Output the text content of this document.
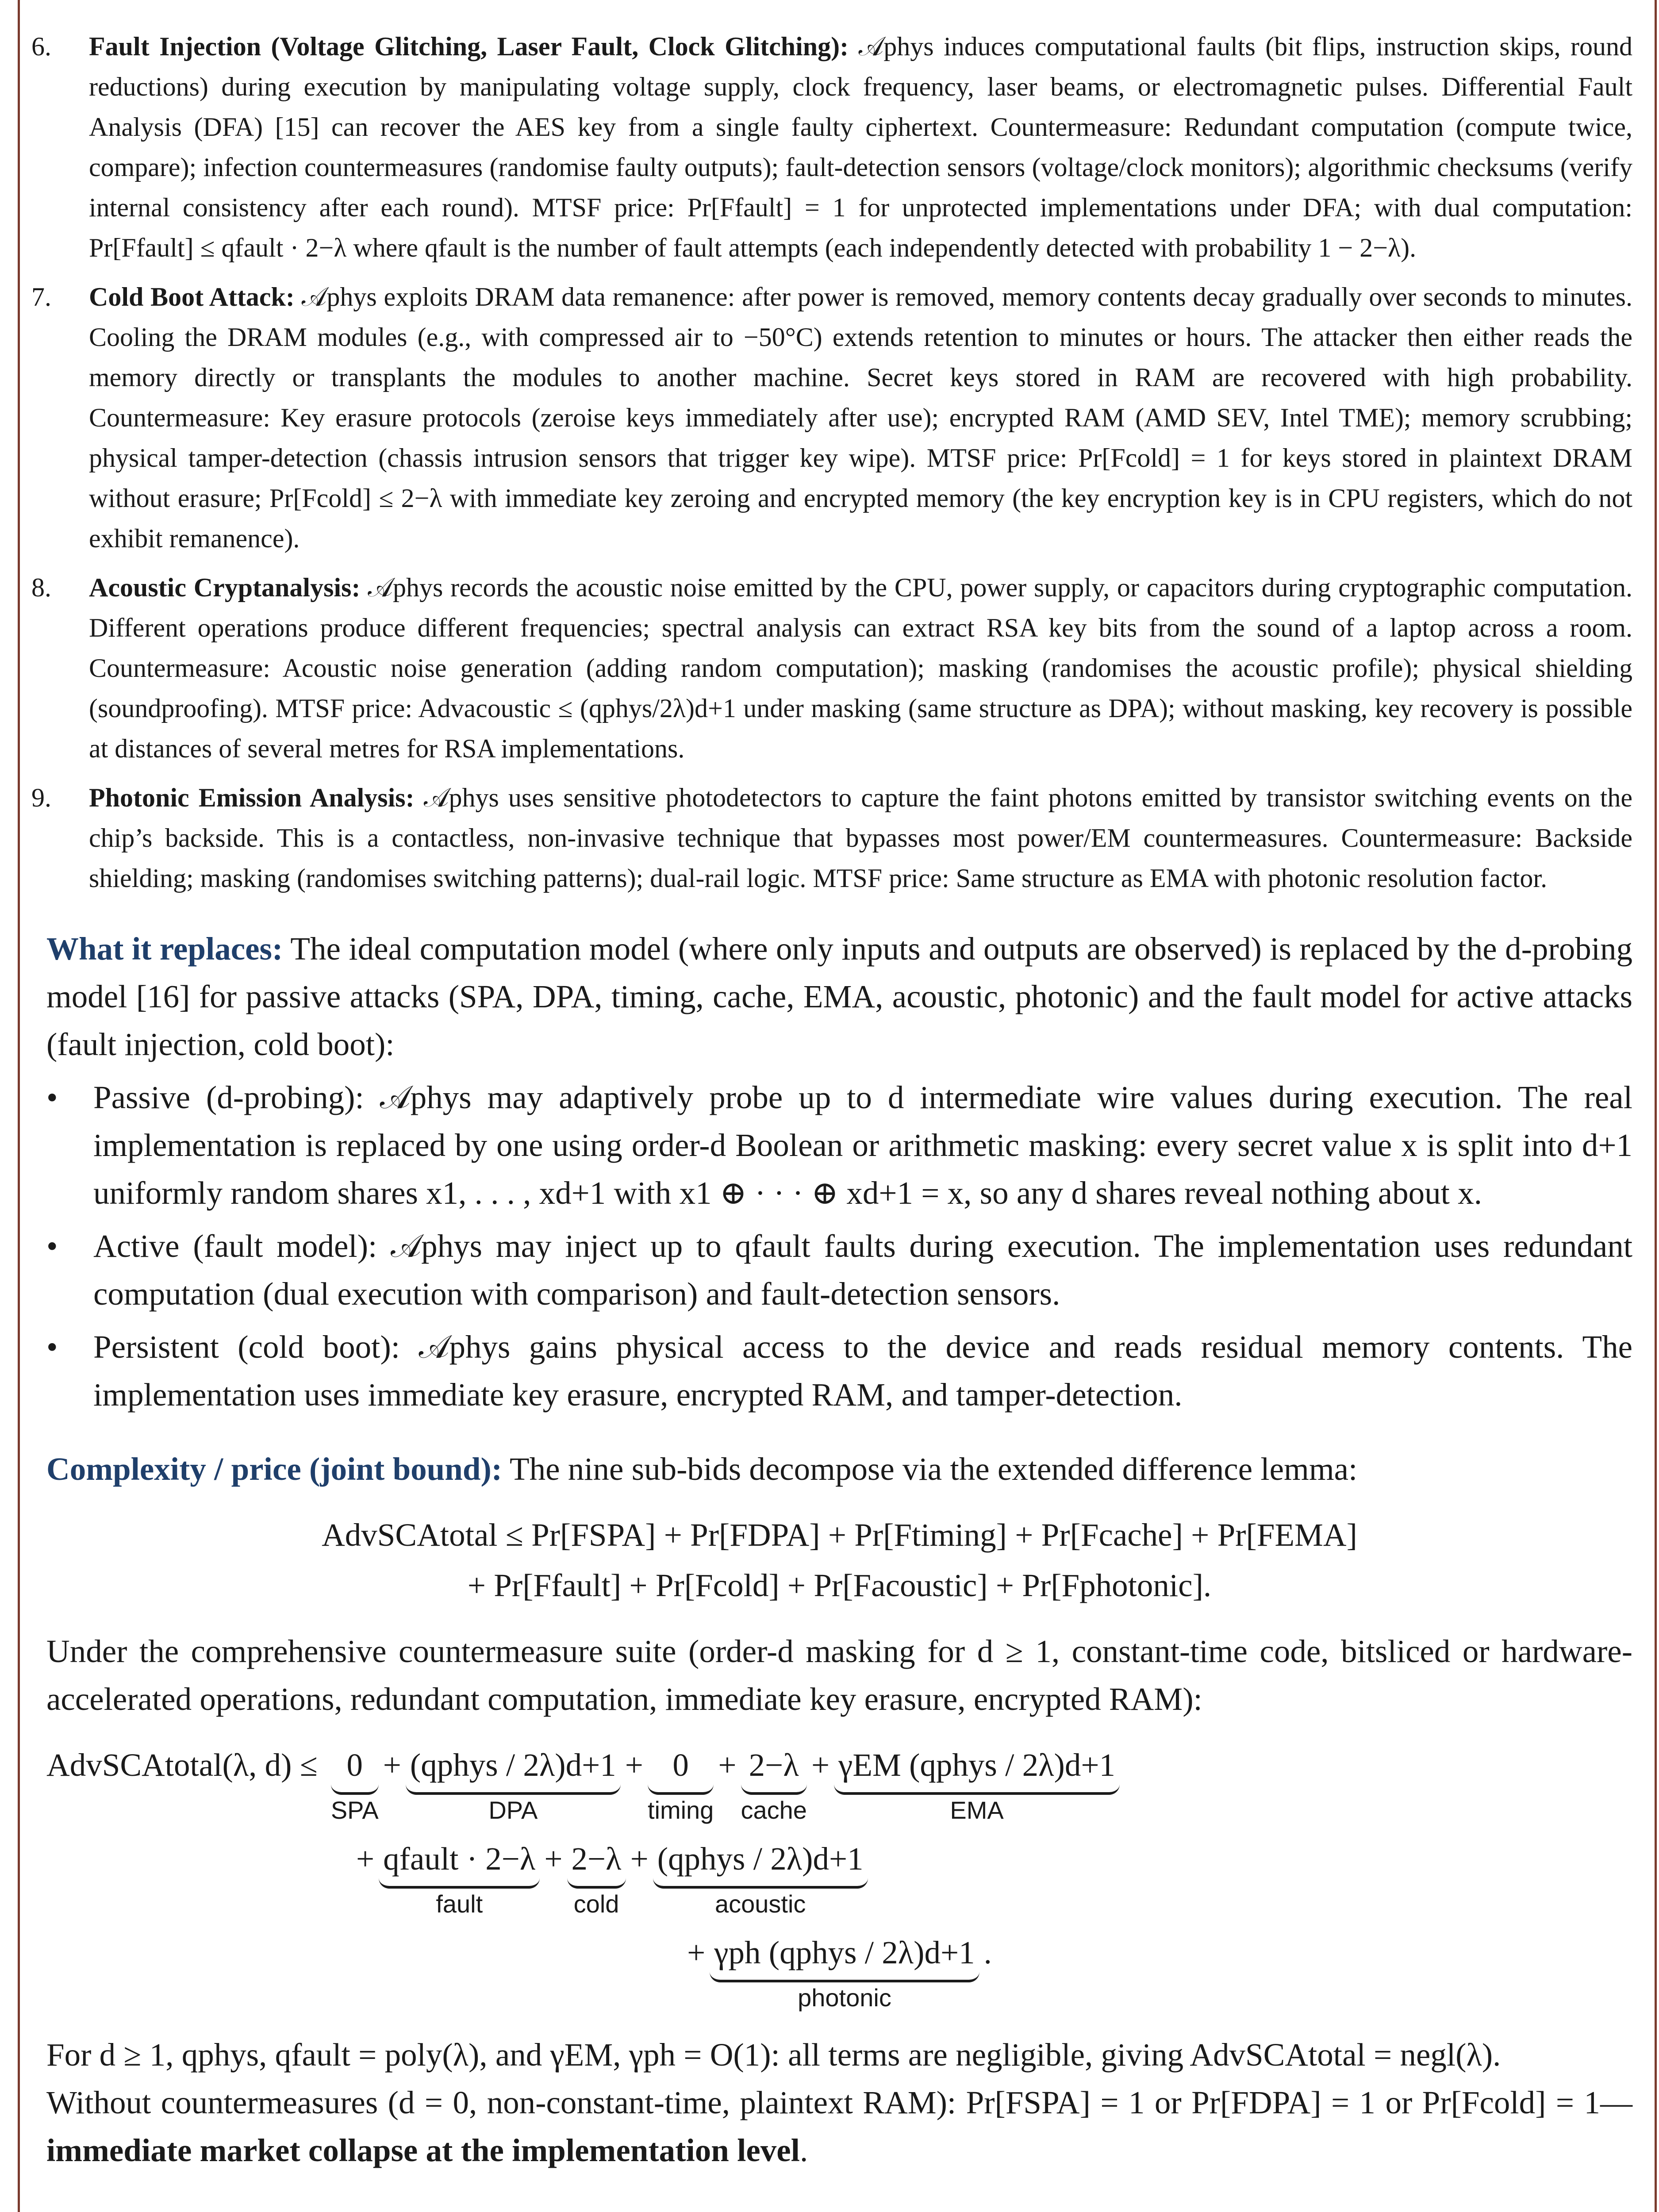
6.	Fault Injection (Voltage Glitching, Laser Fault, Clock Glitching): 𝒜phys induces computational faults (bit flips, instruction skips, round reductions) during execution by manipulating voltage supply, clock frequency, laser beams, or electromagnetic pulses. Differential Fault Analysis (DFA) [15] can recover the AES key from a single faulty ciphertext. Countermeasure: Redundant computation (compute twice, compare); infection countermeasures (randomise faulty outputs); fault-detection sensors (voltage/clock monitors); algorithmic checksums (verify internal consistency after each round). MTSF price: Pr[Ffault] = 1 for unprotected implementations under DFA; with dual computation: Pr[Ffault] ≤ qfault · 2−λ where qfault is the number of fault attempts (each independently detected with probability 1 − 2−λ).
7.	Cold Boot Attack: 𝒜phys exploits DRAM data remanence: after power is removed, memory contents decay gradually over seconds to minutes. Cooling the DRAM modules (e.g., with compressed air to −50°C) extends retention to minutes or hours. The attacker then either reads the memory directly or transplants the modules to another machine. Secret keys stored in RAM are recovered with high probability. Countermeasure: Key erasure protocols (zeroise keys immediately after use); encrypted RAM (AMD SEV, Intel TME); memory scrubbing; physical tamper-detection (chassis intrusion sensors that trigger key wipe). MTSF price: Pr[Fcold] = 1 for keys stored in plaintext DRAM without erasure; Pr[Fcold] ≤ 2−λ with immediate key zeroing and encrypted memory (the key encryption key is in CPU registers, which do not exhibit remanence).
8.	Acoustic Cryptanalysis: 𝒜phys records the acoustic noise emitted by the CPU, power supply, or capacitors during cryptographic computation. Different operations produce different frequencies; spectral analysis can extract RSA key bits from the sound of a laptop across a room. Countermeasure: Acoustic noise generation (adding random computation); masking (randomises the acoustic profile); physical shielding (soundproofing). MTSF price: Advacoustic ≤ (qphys/2λ)d+1 under masking (same structure as DPA); without masking, key recovery is possible at distances of several metres for RSA implementations.
9.	Photonic Emission Analysis: 𝒜phys uses sensitive photodetectors to capture the faint photons emitted by transistor switching events on the chip’s backside. This is a contactless, non-invasive technique that bypasses most power/EM countermeasures. Countermeasure: Backside shielding; masking (randomises switching patterns); dual-rail logic. MTSF price: Same structure as EMA with photonic resolution factor.
What it replaces: The ideal computation model (where only inputs and outputs are observed) is replaced by the d-probing model [16] for passive attacks (SPA, DPA, timing, cache, EMA, acoustic, photonic) and the fault model for active attacks (fault injection, cold boot):
• Passive (d-probing): 𝒜phys may adaptively probe up to d intermediate wire values during execution. The real implementation is replaced by one using order-d Boolean or arithmetic masking: every secret value x is split into d+1 uniformly random shares x1, . . . , xd+1 with x1 ⊕ · · · ⊕ xd+1 = x, so any d shares reveal nothing about x.
• Active (fault model): 𝒜phys may inject up to qfault faults during execution. The implementation uses redundant computation (dual execution with comparison) and fault-detection sensors.
• Persistent (cold boot): 𝒜phys gains physical access to the device and reads residual memory contents. The implementation uses immediate key erasure, encrypted RAM, and tamper-detection.
Complexity / price (joint bound): The nine sub-bids decompose via the extended difference lemma:
AdvSCAtotal ≤ Pr[FSPA] + Pr[FDPA] + Pr[Ftiming] + Pr[Fcache] + Pr[FEMA]
+ Pr[Ffault] + Pr[Fcold] + Pr[Facoustic] + Pr[Fphotonic].
Under the comprehensive countermeasure suite (order-d masking for d ≥ 1, constant-time code, bitsliced or hardware-accelerated operations, redundant computation, immediate key erasure, encrypted RAM):
AdvSCAtotal(λ, d) ≤ 0
SPA
+ (qphys / 2λ)d+1
DPA
+ 0
timing
+ 2−λ
cache
+ γEM (qphys / 2λ)d+1
EMA
+ qfault · 2−λ
fault
+ 2−λ
cold
+ (qphys / 2λ)d+1
acoustic
+ γph (qphys / 2λ)d+1
photonic
.
For d ≥ 1, qphys, qfault = poly(λ), and γEM, γph = O(1): all terms are negligible, giving AdvSCAtotal = negl(λ).
Without countermeasures (d = 0, non-constant-time, plaintext RAM): Pr[FSPA] = 1 or Pr[FDPA] = 1 or Pr[Fcold] = 1—immediate market collapse at the implementation level.
